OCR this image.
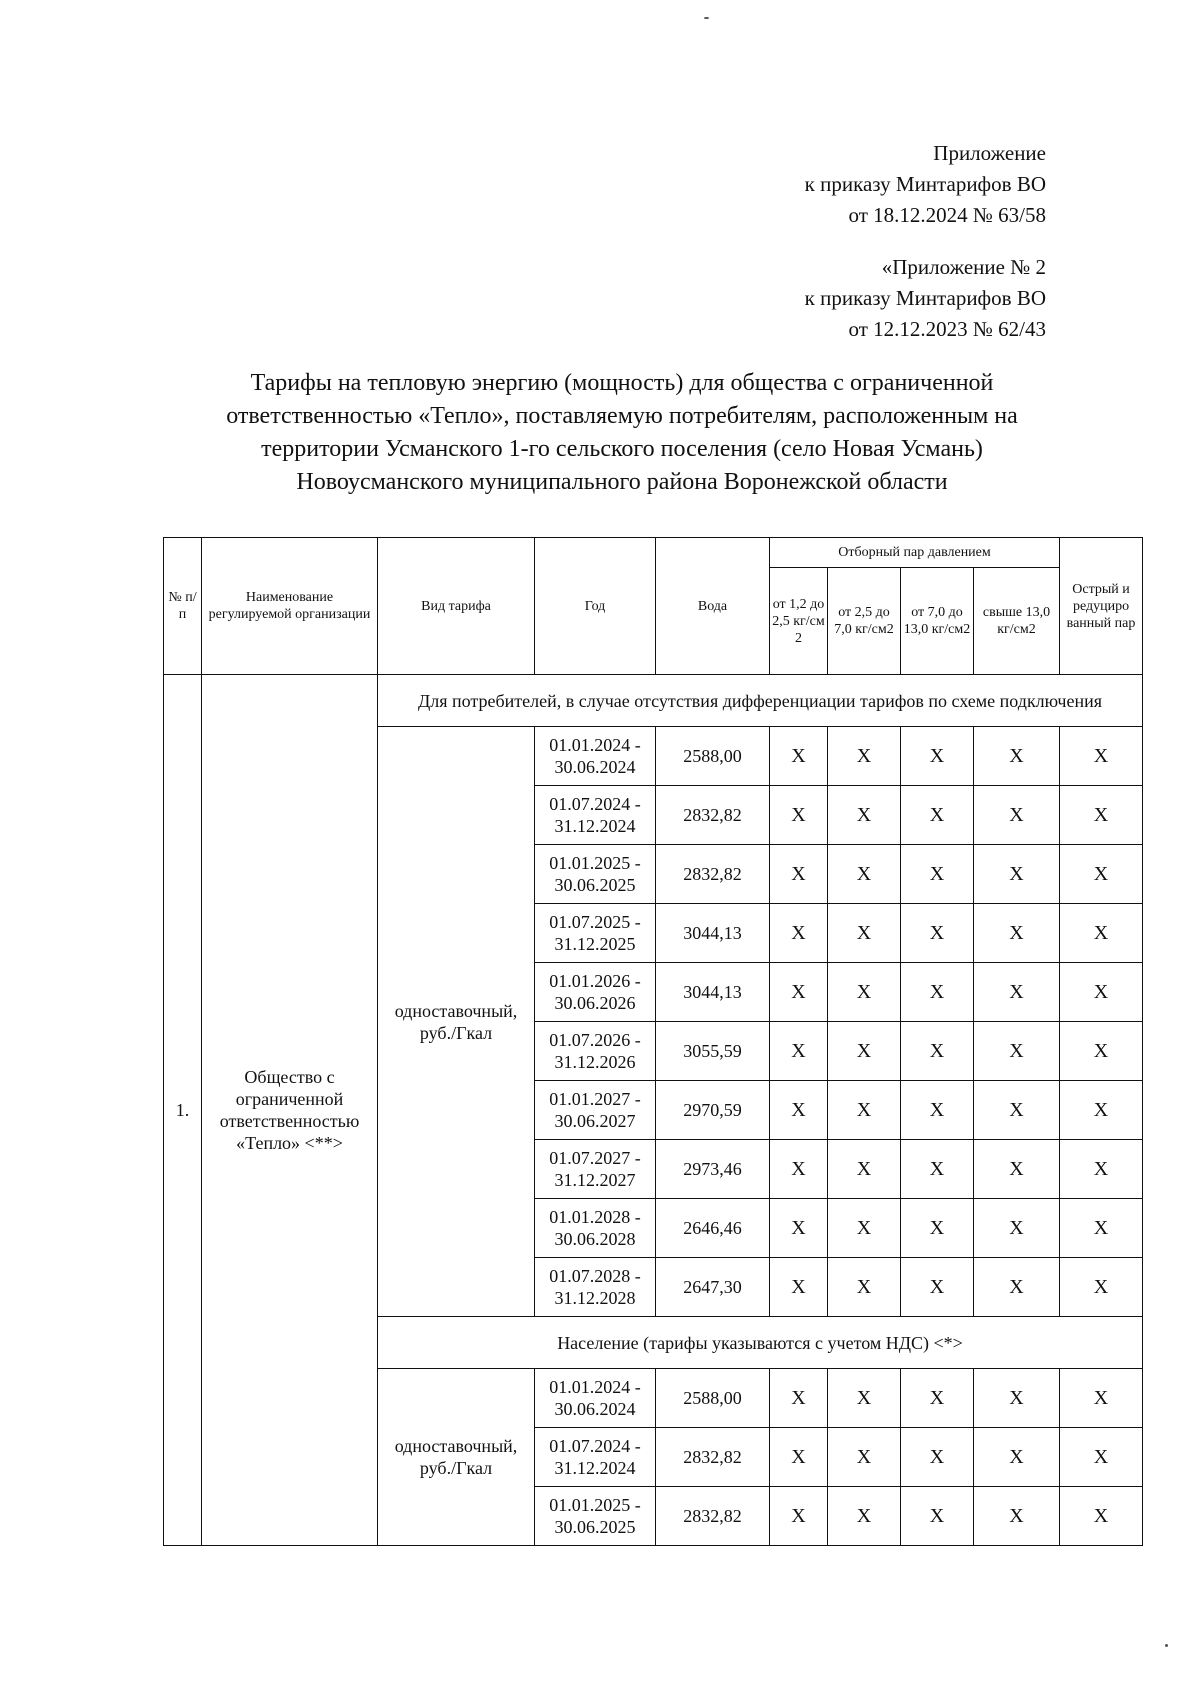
Приложение
к приказу Минтарифов ВО
от 18.12.2024 № 63/58
«Приложение № 2
к приказу Минтарифов ВО
от 12.12.2023 № 62/43
Тарифы на тепловую энергию (мощность) для общества с ограниченной
ответственностью «Тепло», поставляемую потребителям, расположенным на
территории Усманского 1-го сельского поселения (село Новая Усмань)
Новоусманского муниципального района Воронежской области
№ п/ п	Наименование регулируемой организации	Вид тарифа	Год	Вода	Отборный пар давлением				Острый и редуциро ванный пар
					от 1,2 до 2,5 кг/см 2	от 2,5 до 7,0 кг/см2	от 7,0 до 13,0 кг/см2	свыше 13,0 кг/см2	
1.	Общество с ограниченной ответственностью «Тепло» <**>	Для потребителей, в случае отсутствия дифференциации тарифов по схеме подключения							
		одноставочный, руб./Гкал	01.01.2024 - 30.06.2024	2588,00	Х	Х	Х	Х	Х
			01.07.2024 - 31.12.2024	2832,82	Х	Х	Х	Х	Х
			01.01.2025 - 30.06.2025	2832,82	Х	Х	Х	Х	Х
			01.07.2025 - 31.12.2025	3044,13	Х	Х	Х	Х	Х
			01.01.2026 - 30.06.2026	3044,13	Х	Х	Х	Х	Х
			01.07.2026 - 31.12.2026	3055,59	Х	Х	Х	Х	Х
			01.01.2027 - 30.06.2027	2970,59	Х	Х	Х	Х	Х
			01.07.2027 - 31.12.2027	2973,46	Х	Х	Х	Х	Х
			01.01.2028 - 30.06.2028	2646,46	Х	Х	Х	Х	Х
			01.07.2028 - 31.12.2028	2647,30	Х	Х	Х	Х	Х
		Население (тарифы указываются с учетом НДС) <*>							
		одноставочный, руб./Гкал	01.01.2024 - 30.06.2024	2588,00	Х	Х	Х	Х	Х
			01.07.2024 - 31.12.2024	2832,82	Х	Х	Х	Х	Х
			01.01.2025 - 30.06.2025	2832,82	Х	Х	Х	Х	Х
